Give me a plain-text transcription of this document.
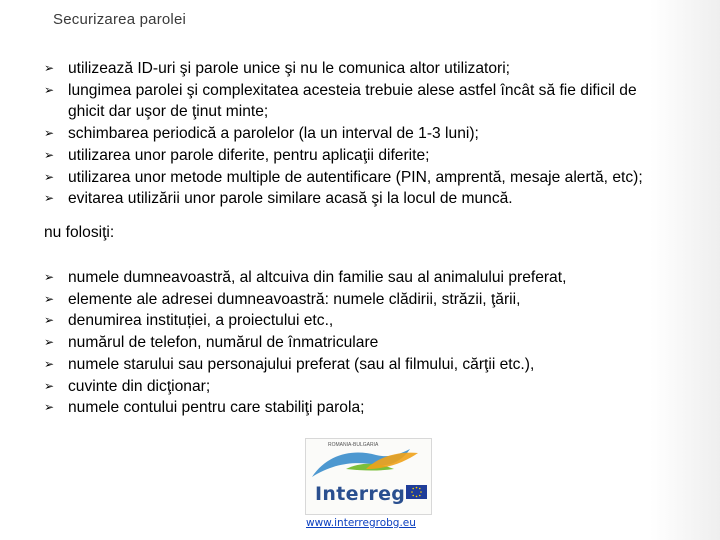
Securizarea parolei
➢ utilizează ID-uri şi parole unice şi nu le comunica altor utilizatori;
➢ lungimea parolei şi complexitatea acesteia trebuie alese astfel încât să fie dificil de ghicit dar uşor de ţinut minte;
➢ schimbarea periodică a parolelor (la un interval de 1-3 luni);
➢ utilizarea unor parole diferite, pentru aplicaţii diferite;
➢ utilizarea unor metode multiple de autentificare (PIN, amprentă, mesaje alertă, etc);
➢ evitarea utilizării unor parole similare acasă şi la locul de muncă.
nu folosiţi:
➢ numele dumneavoastră, al altcuiva din familie sau al animalului preferat,
➢ elemente ale adresei dumneavoastră: numele clădirii, străzii, ţării,
➢ denumirea instituției, a proiectului etc.,
➢ numărul de telefon, numărul de înmatriculare
➢ numele starului sau personajului preferat (sau al filmului, cărţii etc.),
➢ cuvinte din dicţionar;
➢ numele contului pentru care stabiliţi parola;
ROMANIA-BULGARIA
Interreg
www.interregrobg.eu
